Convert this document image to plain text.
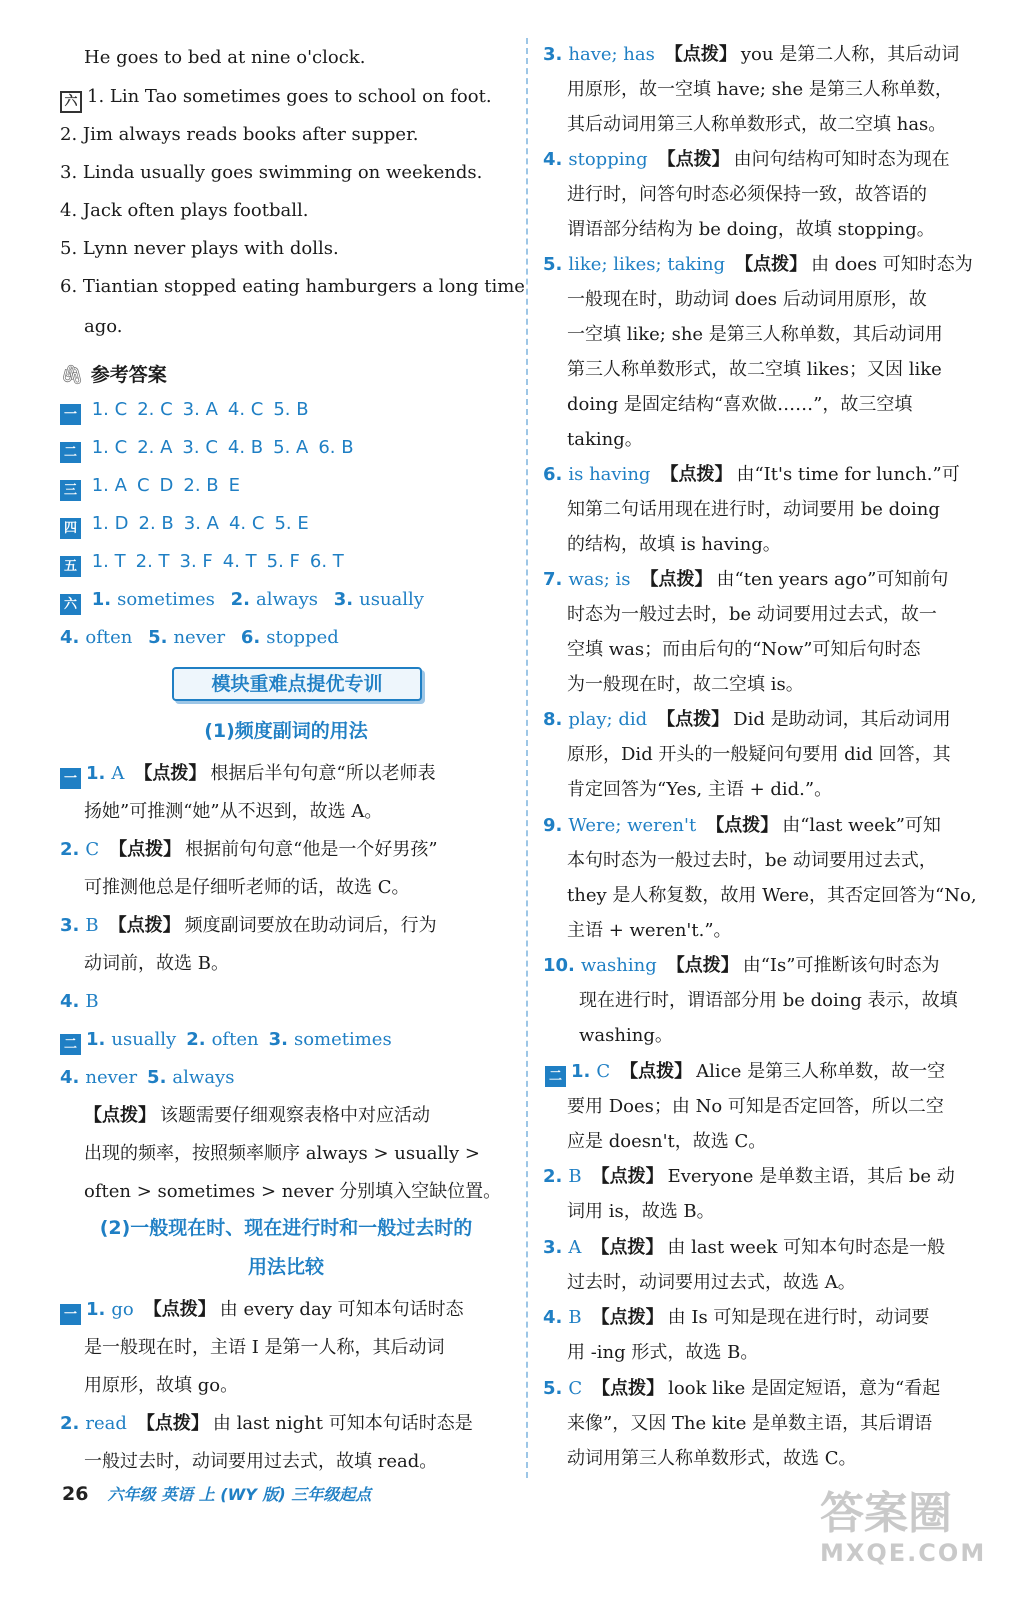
He goes to bed at nine o'clock.
六 1. Lin Tao sometimes goes to school on foot.
2. Jim always reads books after supper.
3. Linda usually goes swimming on weekends.
4. Jack often plays football.
5. Lynn never plays with dolls.
6. Tiantian stopped eating hamburgers a long time
ago.
🖇 参考答案
一 1. C 2. C 3. A 4. C 5. B
二 1. C 2. A 3. C 4. B 5. A 6. B
三 1. A C D 2. B E
四 1. D 2. B 3. A 4. C 5. E
五 1. T 2. T 3. F 4. T 5. F 6. T
六 1. sometimes 2. always 3. usually
4. often 5. never 6. stopped
模块重难点提优专训
(1)频度副词的用法
一 1. A 【点拨】 根据后半句句意“所以老师表
扬她”可推测“她”从不迟到，故选 A。
2. C 【点拨】 根据前句句意“他是一个好男孩”
可推测他总是仔细听老师的话，故选 C。
3. B 【点拨】 频度副词要放在助动词后，行为
动词前，故选 B。
4. B
二 1. usually 2. often 3. sometimes
4. never 5. always
【点拨】 该题需要仔细观察表格中对应活动
出现的频率，按照频率顺序 always > usually >
often > sometimes > never 分别填入空缺位置。
(2)一般现在时、现在进行时和一般过去时的
用法比较
一 1. go 【点拨】 由 every day 可知本句话时态
是一般现在时，主语 I 是第一人称，其后动词
用原形，故填 go。
2. read 【点拨】 由 last night 可知本句话时态是
一般过去时，动词要用过去式，故填 read。
3. have; has 【点拨】 you 是第二人称，其后动词
用原形，故一空填 have; she 是第三人称单数，
其后动词用第三人称单数形式，故二空填 has。
4. stopping 【点拨】 由问句结构可知时态为现在
进行时，问答句时态必须保持一致，故答语的
谓语部分结构为 be doing，故填 stopping。
5. like; likes; taking 【点拨】 由 does 可知时态为
一般现在时，助动词 does 后动词用原形，故
一空填 like; she 是第三人称单数，其后动词用
第三人称单数形式，故二空填 likes；又因 like
doing 是固定结构“喜欢做……”，故三空填
taking。
6. is having 【点拨】 由“It's time for lunch.”可
知第二句话用现在进行时，动词要用 be doing
的结构，故填 is having。
7. was; is 【点拨】 由“ten years ago”可知前句
时态为一般过去时，be 动词要用过去式，故一
空填 was；而由后句的“Now”可知后句时态
为一般现在时，故二空填 is。
8. play; did 【点拨】 Did 是助动词，其后动词用
原形，Did 开头的一般疑问句要用 did 回答，其
肯定回答为“Yes, 主语 + did.”。
9. Were; weren't 【点拨】 由“last week”可知
本句时态为一般过去时，be 动词要用过去式，
they 是人称复数，故用 Were，其否定回答为“No,
主语 + weren't.”。
10. washing 【点拨】 由“Is”可推断该句时态为
现在进行时，谓语部分用 be doing 表示，故填
washing。
二 1. C 【点拨】 Alice 是第三人称单数，故一空
要用 Does；由 No 可知是否定回答，所以二空
应是 doesn't，故选 C。
2. B 【点拨】 Everyone 是单数主语，其后 be 动
词用 is，故选 B。
3. A 【点拨】 由 last week 可知本句时态是一般
过去时，动词要用过去式，故选 A。
4. B 【点拨】 由 Is 可知是现在进行时，动词要
用 -ing 形式，故选 B。
5. C 【点拨】 look like 是固定短语，意为“看起
来像”，又因 The kite 是单数主语，其后谓语
动词用第三人称单数形式，故选 C。
26 六年级 英语 上 (WY 版) 三年级起点	答案圈
MXQE.COM
